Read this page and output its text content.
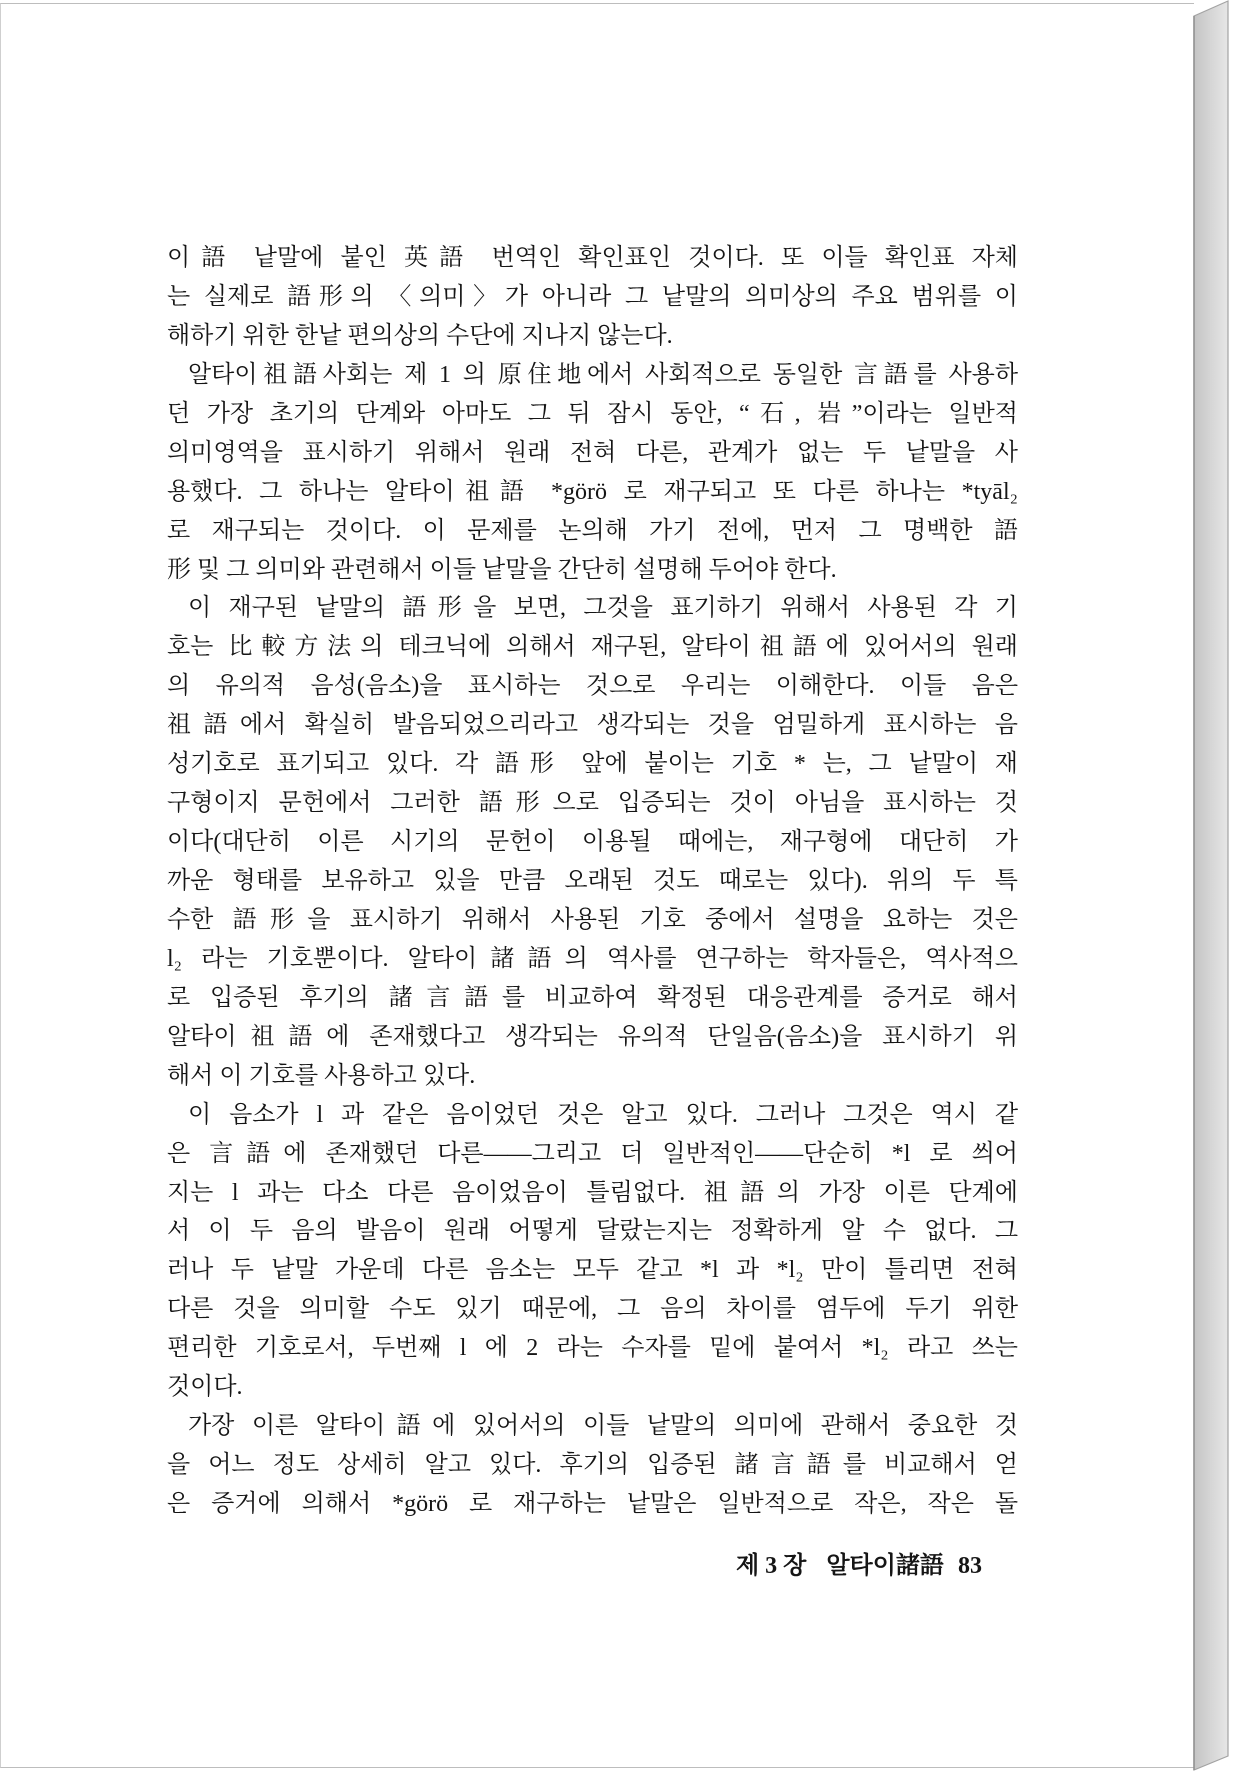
이語 낱말에 붙인 英語 번역인 확인표인 것이다. 또 이들 확인표 자체
는 실제로 語形의 〈의미〉가 아니라 그 낱말의 의미상의 주요 범위를 이
해하기 위한 한낱 편의상의 수단에 지나지 않는다.
알타이祖語사회는 제 1 의 原住地에서 사회적으로 동일한 言語를 사용하
던 가장 초기의 단계와 아마도 그 뒤 잠시 동안, “石, 岩”이라는 일반적
의미영역을 표시하기 위해서 원래 전혀 다른, 관계가 없는 두 낱말을 사
용했다. 그 하나는 알타이祖語 *görö 로 재구되고 또 다른 하나는 *tyāl₂
로 재구되는 것이다. 이 문제를 논의해 가기 전에, 먼저 그 명백한 語
形 및 그 의미와 관련해서 이들 낱말을 간단히 설명해 두어야 한다.
이 재구된 낱말의 語形을 보면, 그것을 표기하기 위해서 사용된 각 기
호는 比較方法의 테크닉에 의해서 재구된, 알타이祖語에 있어서의 원래
의 유의적 음성(음소)을 표시하는 것으로 우리는 이해한다. 이들 음은
祖語에서 확실히 발음되었으리라고 생각되는 것을 엄밀하게 표시하는 음
성기호로 표기되고 있다. 각 語形 앞에 붙이는 기호 * 는, 그 낱말이 재
구형이지 문헌에서 그러한 語形으로 입증되는 것이 아님을 표시하는 것
이다(대단히 이른 시기의 문헌이 이용될 때에는, 재구형에 대단히 가
까운 형태를 보유하고 있을 만큼 오래된 것도 때로는 있다). 위의 두 특
수한 語形을 표시하기 위해서 사용된 기호 중에서 설명을 요하는 것은
l₂ 라는 기호뿐이다. 알타이諸語의 역사를 연구하는 학자들은, 역사적으
로 입증된 후기의 諸言語를 비교하여 확정된 대응관계를 증거로 해서
알타이祖語에 존재했다고 생각되는 유의적 단일음(음소)을 표시하기 위
해서 이 기호를 사용하고 있다.
이 음소가 l 과 같은 음이었던 것은 알고 있다. 그러나 그것은 역시 같
은 言語에 존재했던 다른——그리고 더 일반적인——단순히 *l 로 씌어
지는 l 과는 다소 다른 음이었음이 틀림없다. 祖語의 가장 이른 단계에
서 이 두 음의 발음이 원래 어떻게 달랐는지는 정확하게 알 수 없다. 그
러나 두 낱말 가운데 다른 음소는 모두 같고 *l 과 *l₂ 만이 틀리면 전혀
다른 것을 의미할 수도 있기 때문에, 그 음의 차이를 염두에 두기 위한
편리한 기호로서, 두번째 l 에 2 라는 수자를 밑에 붙여서 *l₂ 라고 쓰는
것이다.
가장 이른 알타이語에 있어서의 이들 낱말의 의미에 관해서 중요한 것
을 어느 정도 상세히 알고 있다. 후기의 입증된 諸言語를 비교해서 얻
은 증거에 의해서 *görö 로 재구하는 낱말은 일반적으로 작은, 작은 돌
제 3 장 알타이諸語 83
